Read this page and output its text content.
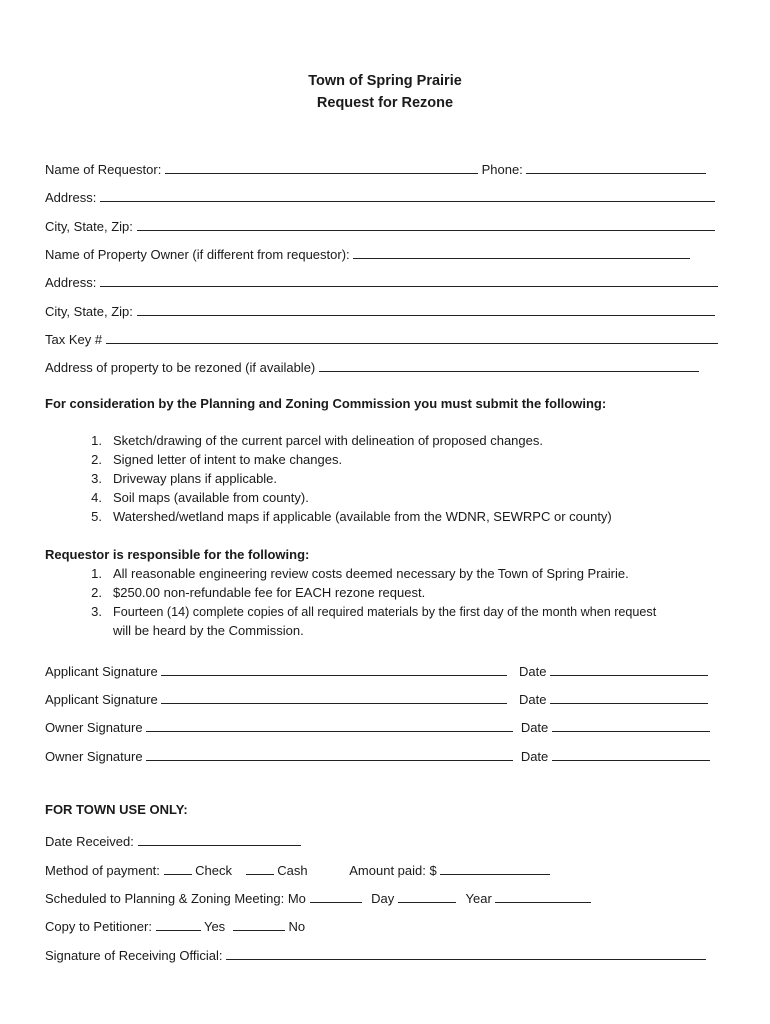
Town of Spring Prairie
Request for Rezone
Name of Requestor:	Phone:
Address:
City, State, Zip:
Name of Property Owner (if different from requestor):
Address:
City, State, Zip:
Tax Key #
Address of property to be rezoned (if available)
For consideration by the Planning and Zoning Commission you must submit the following:
1. Sketch/drawing of the current parcel with delineation of proposed changes.
2. Signed letter of intent to make changes.
3. Driveway plans if applicable.
4. Soil maps (available from county).
5. Watershed/wetland maps if applicable (available from the WDNR, SEWRPC or county)
Requestor is responsible for the following:
1. All reasonable engineering review costs deemed necessary by the Town of Spring Prairie.
2. $250.00 non-refundable fee for EACH rezone request.
3. Fourteen (14) complete copies of all required materials by the first day of the month when request
will be heard by the Commission.
Applicant Signature	Date
Applicant Signature	Date
Owner Signature	Date
Owner Signature	Date
FOR TOWN USE ONLY:
Date Received:
Method of payment:	Check	Cash	Amount paid: $
Scheduled to Planning & Zoning Meeting: Mo	Day	Year
Copy to Petitioner:	Yes	No
Signature of Receiving Official:
